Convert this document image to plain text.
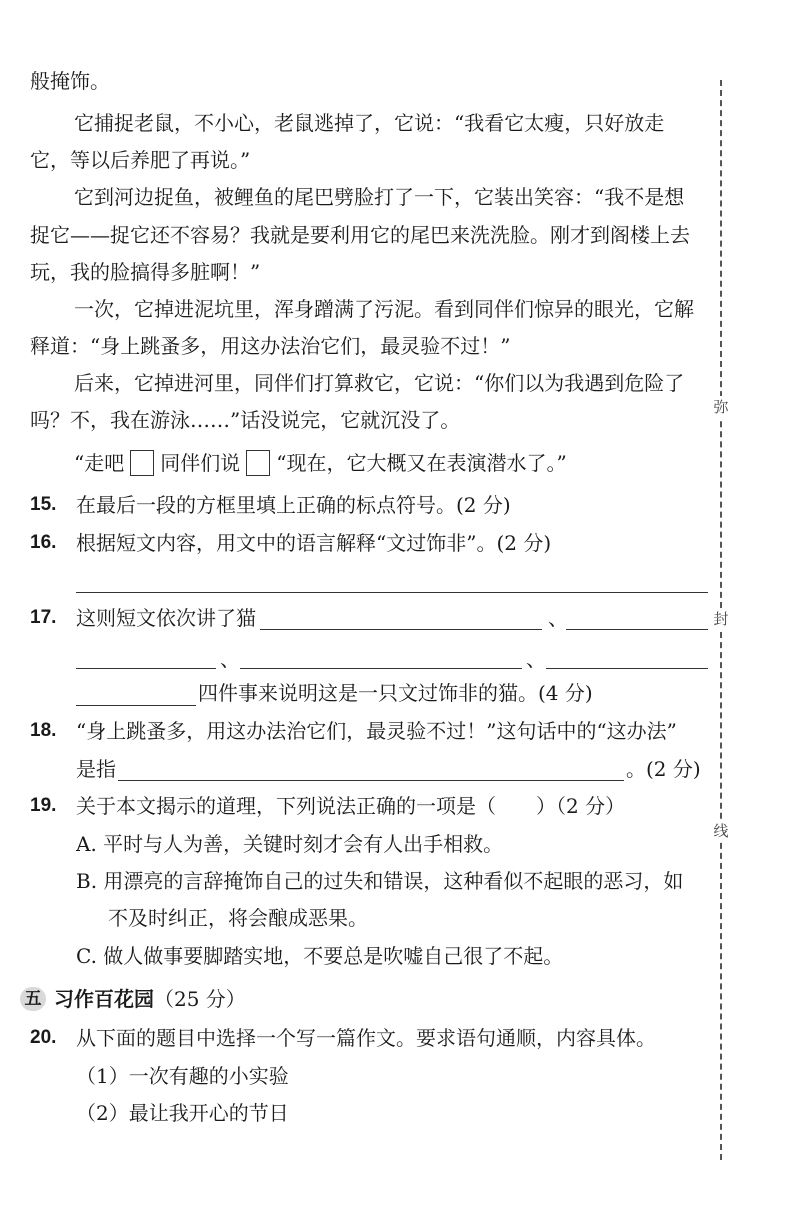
般掩饰。
它捕捉老鼠，不小心，老鼠逃掉了，它说：“我看它太瘦，只好放走
它，等以后养肥了再说。”
它到河边捉鱼，被鲤鱼的尾巴劈脸打了一下，它装出笑容：“我不是想
捉它——捉它还不容易？我就是要利用它的尾巴来洗洗脸。刚才到阁楼上去
玩，我的脸搞得多脏啊！”
一次，它掉进泥坑里，浑身蹭满了污泥。看到同伴们惊异的眼光，它解
释道：“身上跳蚤多，用这办法治它们，最灵验不过！”
后来，它掉进河里，同伴们打算救它，它说：“你们以为我遇到危险了
吗？不，我在游泳……”话没说完，它就沉没了。
“走吧 同伴们说 “现在，它大概又在表演潜水了。”
15. 在最后一段的方框里填上正确的标点符号。(2 分)
16. 根据短文内容，用文中的语言解释“文过饰非”。(2 分)
17. 这则短文依次讲了猫	、
、	、
四件事来说明这是一只文过饰非的猫。(4 分)
18. “身上跳蚤多，用这办法治它们，最灵验不过！”这句话中的“这办法”
是指	。(2 分)
19. 关于本文揭示的道理，下列说法正确的一项是（　　）（2 分）
A. 平时与人为善，关键时刻才会有人出手相救。
B. 用漂亮的言辞掩饰自己的过失和错误，这种看似不起眼的恶习，如
不及时纠正，将会酿成恶果。
C. 做人做事要脚踏实地，不要总是吹嘘自己很了不起。
五 习作百花园（25 分）
20. 从下面的题目中选择一个写一篇作文。要求语句通顺，内容具体。
（1）一次有趣的小实验
（2）最让我开心的节日
弥
封
线
